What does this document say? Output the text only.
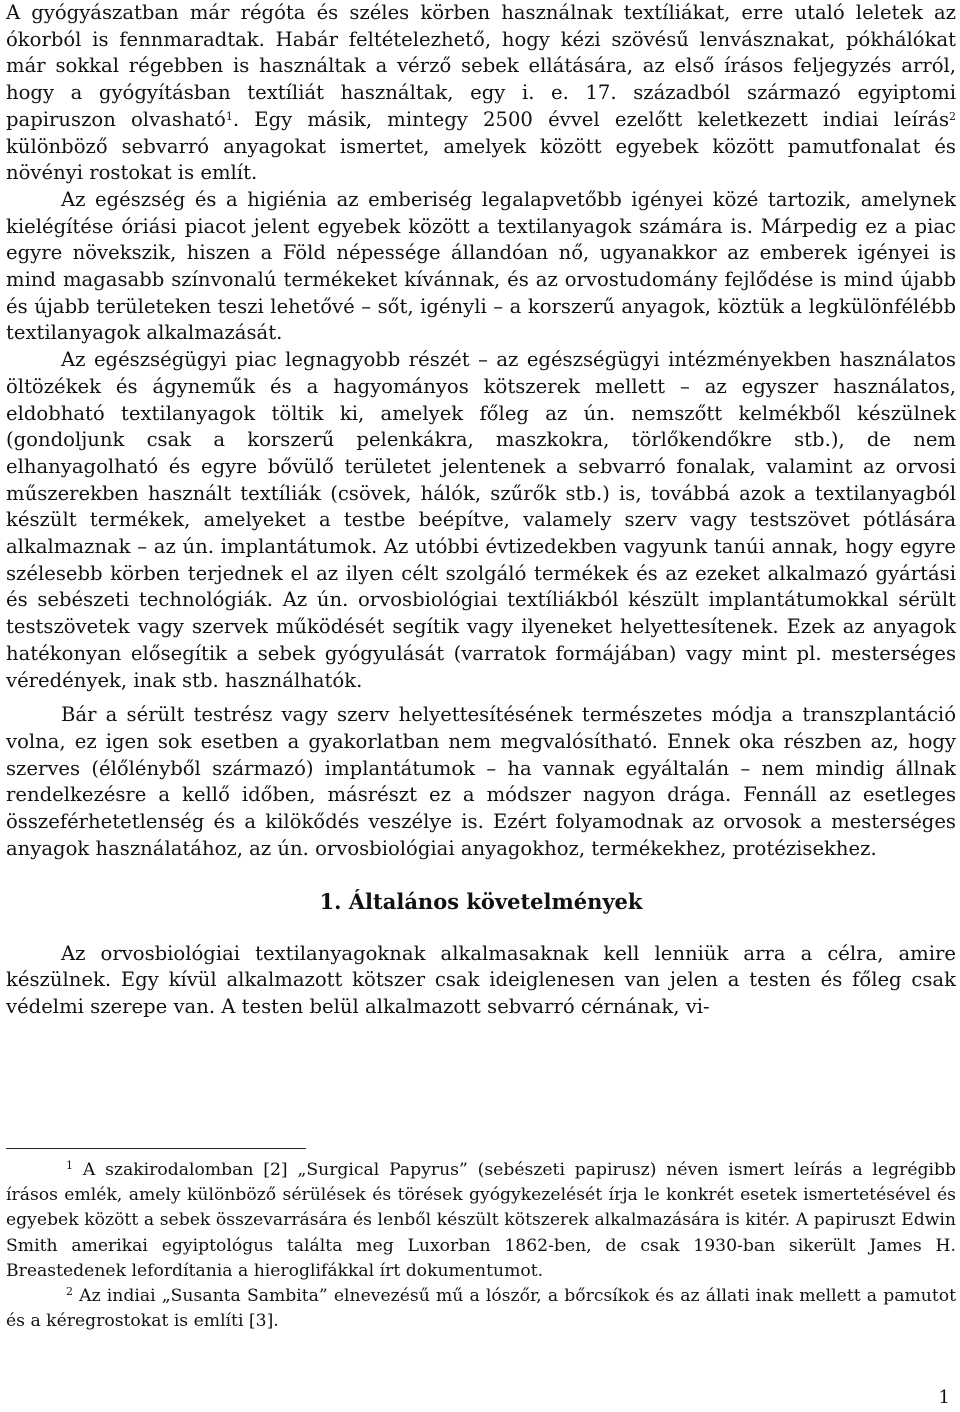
A gyógyászatban már régóta és széles körben használnak textíliákat, erre utaló leletek az ókorból is fennmaradtak. Habár feltételezhető, hogy kézi szövésű lenvásznakat, pókhálókat már sokkal régebben is használtak a vérző sebek ellátására, az első írásos feljegyzés arról, hogy a gyógyításban textíliát használtak, egy i. e. 17. századból származó egyiptomi papiruszon olvasható$^1$. Egy másik, mintegy 2500 évvel ezelőtt keletkezett indiai leírás$^2$ különböző sebvarró anyagokat ismertet, amelyek között egyebek között pamutfonalat és növényi rostokat is említ.

Az egészség és a higiénia az emberiség legalapvetőbb igényei közé tartozik, amelynek kielégítése óriási piacot jelent egyebek között a textilanyagok számára is. Márpedig ez a piac egyre növekszik, hiszen a Föld népessége állandóan nő, ugyanakkor az emberek igényei is mind magasabb színvonalú termékeket kívánnak, és az orvostudomány fejlődése is mind újabb és újabb területeken teszi lehetővé – sőt, igényli – a korszerű anyagok, köztük a legkülönfélébb textilanyagok alkalmazását.

Az egészségügyi piac legnagyobb részét – az egészségügyi intézményekben használatos öltözékek és ágyneműk és a hagyományos kötszerek mellett – az egyszer használatos, eldobható textilanyagok töltik ki, amelyek főleg az ún. nemszőtt kelmékből készülnek (gondoljunk csak a korszerű pelenkákra, maszkokra, törlőkendőkre stb.), de nem elhanyagolható és egyre bővülő területet jelentenek a sebvarró fonalak, valamint az orvosi műszerekben használt textíliák (csövek, hálók, szűrők stb.) is, továbbá azok a textilanyagból készült termékek, amelyeket a testbe beépítve, valamely szerv vagy testszövet pótlására alkalmaznak – az ún. implantátumok. Az utóbbi évtizedekben vagyunk tanúi annak, hogy egyre szélesebb körben terjednek el az ilyen célt szolgáló termékek és az ezeket alkalmazó gyártási és sebészeti technológiák. Az ún. orvosbiológiai textíliákból készült implantátumokkal sérült testszövetek vagy szervek működését segítik vagy ilyeneket helyettesítenek. Ezek az anyagok hatékonyan elősegítik a sebek gyógyulását (varratok formájában) vagy mint pl. mesterséges véredények, inak stb. használhatók.

Bár a sérült testrész vagy szerv helyettesítésének természetes módja a transzplantáció volna, ez igen sok esetben a gyakorlatban nem megvalósítható. Ennek oka részben az, hogy szerves (élőlényből származó) implantátumok – ha vannak egyáltalán – nem mindig állnak rendelkezésre a kellő időben, másrészt ez a módszer nagyon drága. Fennáll az esetleges összeférhetetlenség és a kilökődés veszélye is. Ezért folyamodnak az orvosok a mesterséges anyagok használatához, az ún. orvosbiológiai anyagokhoz, termékekhez, protézisekhez.

1. Általános követelmények

Az orvosbiológiai textilanyagoknak alkalmasaknak kell lenniük arra a célra, amire készülnek. Egy kívül alkalmazott kötszer csak ideiglenesen van jelen a testen és főleg csak védelmi szerepe van. A testen belül alkalmazott sebvarró cérnának, vi-

$^1$ A szakirodalomban [2] „Surgical Papyrus” (sebészeti papirusz) néven ismert leírás a legrégibb írásos emlék, amely különböző sérülések és törések gyógykezelését írja le konkrét esetek ismertetésével és egyebek között a sebek összevarrására és lenből készült kötszerek alkalmazására is kitér. A papiruszt Edwin Smith amerikai egyiptológus találta meg Luxorban 1862-ben, de csak 1930-ban sikerült James H. Breastedenek lefordítania a hieroglifákkal írt dokumentumot.

$^2$ Az indiai „Susanta Sambita” elnevezésű mű a lószőr, a bőrcsíkok és az állati inak mellett a pamutot és a kéregrostokat is említi [3].

1
